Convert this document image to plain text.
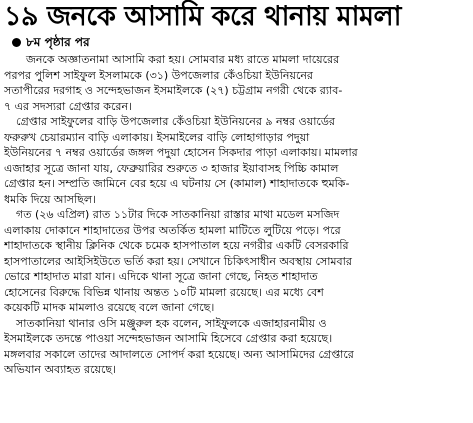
১৯ জনকে আসামি করে থানায় মামলা
৮ম পৃষ্ঠার পর

জনকে অজ্ঞাতনামা আসামি করা হয়। সোমবার মধ্য রাতে মামলা দায়েরের
পরপর পুলিশ সাইফুল ইসলামকে (৩১) উপজেলার কেঁওচিয়া ইউনিয়নের
সতাপীরের দরগাহ ও সন্দেহভাজন ইসমাইলকে (২৭) চট্টগ্রাম নগরী থেকে র‍্যাব-
৭ এর সদস্যরা গ্রেপ্তার করেন।

গ্রেপ্তার সাইফুলের বাড়ি উপজেলার কেঁওচিয়া ইউনিয়নের ৯ নম্বর ওয়ার্ডের
ফরুরুখ চেয়ারম্যান বাড়ি এলাকায়। ইসমাইলের বাড়ি লোহাগাড়ার পদুয়া
ইউনিয়নের ৭ নম্বর ওয়ার্ডের জঙ্গল পদুয়া হোসেন সিকদার পাড়া এলাকায়। মামলার
এজাহার সূত্রে জানা যায়, ফেব্রুয়ারির শুরুতে ৩ হাজার ইয়াবাসহ পিচ্চি কামাল
গ্রেপ্তার হন। সম্প্রতি জামিনে বের হয়ে এ ঘটনায় সে (কামাল) শাহাদাতকে হুমকি-
ধমকি দিয়ে আসছিল।

গত (২৬ এপ্রিল) রাত ১১টার দিকে সাতকানিয়া রাস্তার মাথা মডেল মসজিদ
এলাকায় দোকানে শাহাদাতের উপর অতর্কিত হামলা মাটিতে লুটিয়ে পড়ে। পরে
শাহাদাতকে স্থানীয় ক্লিনিক থেকে চমেক হাসপাতাল হয়ে নগরীর একটি বেসরকারি
হাসপাতালের আইসিইউতে ভর্তি করা হয়। সেখানে চিকিৎসাধীন অবস্থায় সোমবার
ভোরে শাহাদাত মারা যান। এদিকে থানা সূত্রে জানা গেছে, নিহত শাহাদাত
হোসেনের বিরুদ্ধে বিভিন্ন থানায় অন্তত ১০টি মামলা রয়েছে। এর মধ্যে বেশ
কয়েকটি মাদক মামলাও রয়েছে বলে জানা গেছে।

সাতকানিয়া থানার ওসি মঞ্জুরুল হক বলেন, সাইফুলকে এজাহারনামীয় ও
ইসমাইলকে তদন্তে পাওয়া সন্দেহভাজন আসামি হিসেবে গ্রেপ্তার করা হয়েছে।
মঙ্গলবার সকালে তাদের আদালতে সোপর্দ করা হয়েছে। অন্য আসামিদের গ্রেপ্তারে
অভিযান অব্যাহত রয়েছে।
